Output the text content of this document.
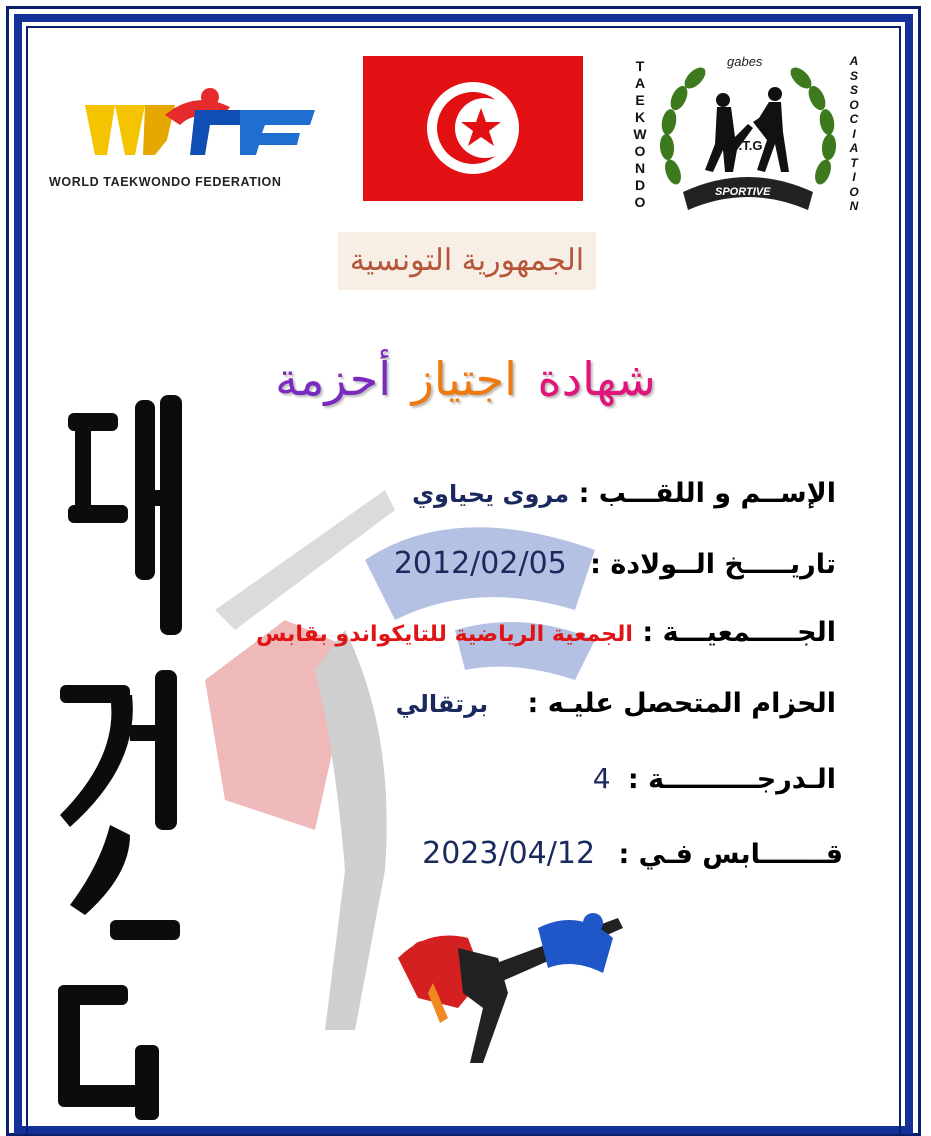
WORLD TAEKWONDO FEDERATION
T
A
E
K
W
O
N
D
O
A
S
S
O
C
I
A
T
I
O
N
gabes
A.S.T.G
SPORTIVE
الجمهورية التونسية
شهادة اجتياز أحزمة
الإســم و اللقـــب : مروى يحياوي
تاريـــــخ الــولادة : 2012/02/05
الجـــــمعيـــة : الجمعية الرياضية للتايكواندو بقابس
الحزام المتحصل عليـه : برتقالي
الـدرجــــــــــة : 4
قـــــــابس فـي : 2023/04/12
